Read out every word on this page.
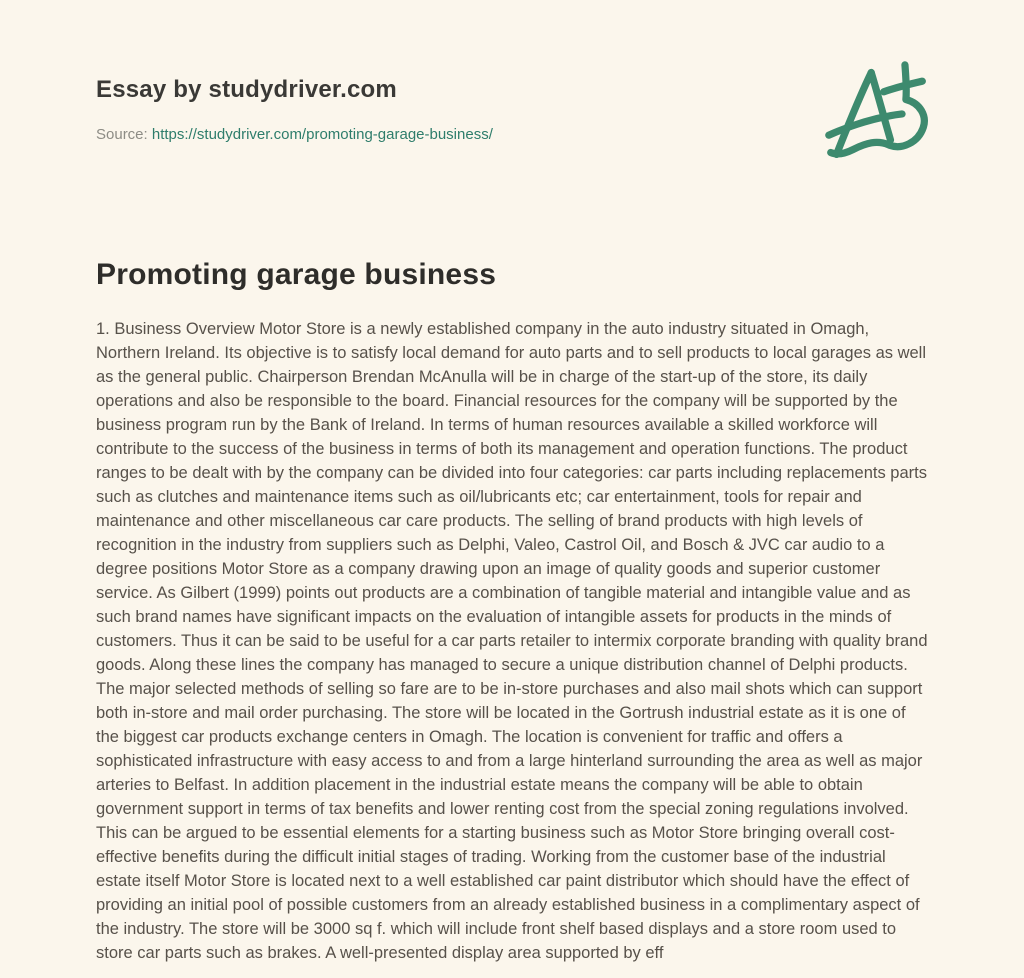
Essay by studydriver.com

Source: https://studydriver.com/promoting-garage-business/

Promoting garage business

1. Business Overview Motor Store is a newly established company in the auto industry situated in Omagh, Northern Ireland. Its objective is to satisfy local demand for auto parts and to sell products to local garages as well as the general public. Chairperson Brendan McAnulla will be in charge of the start-up of the store, its daily operations and also be responsible to the board. Financial resources for the company will be supported by the business program run by the Bank of Ireland. In terms of human resources available a skilled workforce will contribute to the success of the business in terms of both its management and operation functions. The product ranges to be dealt with by the company can be divided into four categories: car parts including replacements parts such as clutches and maintenance items such as oil/lubricants etc; car entertainment, tools for repair and maintenance and other miscellaneous car care products. The selling of brand products with high levels of recognition in the industry from suppliers such as Delphi, Valeo, Castrol Oil, and Bosch & JVC car audio to a degree positions Motor Store as a company drawing upon an image of quality goods and superior customer service. As Gilbert (1999) points out products are a combination of tangible material and intangible value and as such brand names have significant impacts on the evaluation of intangible assets for products in the minds of customers. Thus it can be said to be useful for a car parts retailer to intermix corporate branding with quality brand goods. Along these lines the company has managed to secure a unique distribution channel of Delphi products. The major selected methods of selling so fare are to be in-store purchases and also mail shots which can support both in-store and mail order purchasing. The store will be located in the Gortrush industrial estate as it is one of the biggest car products exchange centers in Omagh. The location is convenient for traffic and offers a sophisticated infrastructure with easy access to and from a large hinterland surrounding the area as well as major arteries to Belfast. In addition placement in the industrial estate means the company will be able to obtain government support in terms of tax benefits and lower renting cost from the special zoning regulations involved. This can be argued to be essential elements for a starting business such as Motor Store bringing overall cost-effective benefits during the difficult initial stages of trading. Working from the customer base of the industrial estate itself Motor Store is located next to a well established car paint distributor which should have the effect of providing an initial pool of possible customers from an already established business in a complimentary aspect of the industry. The store will be 3000 sq f. which will include front shelf based displays and a store room used to store car parts such as brakes. A well-presented display area supported by eff
